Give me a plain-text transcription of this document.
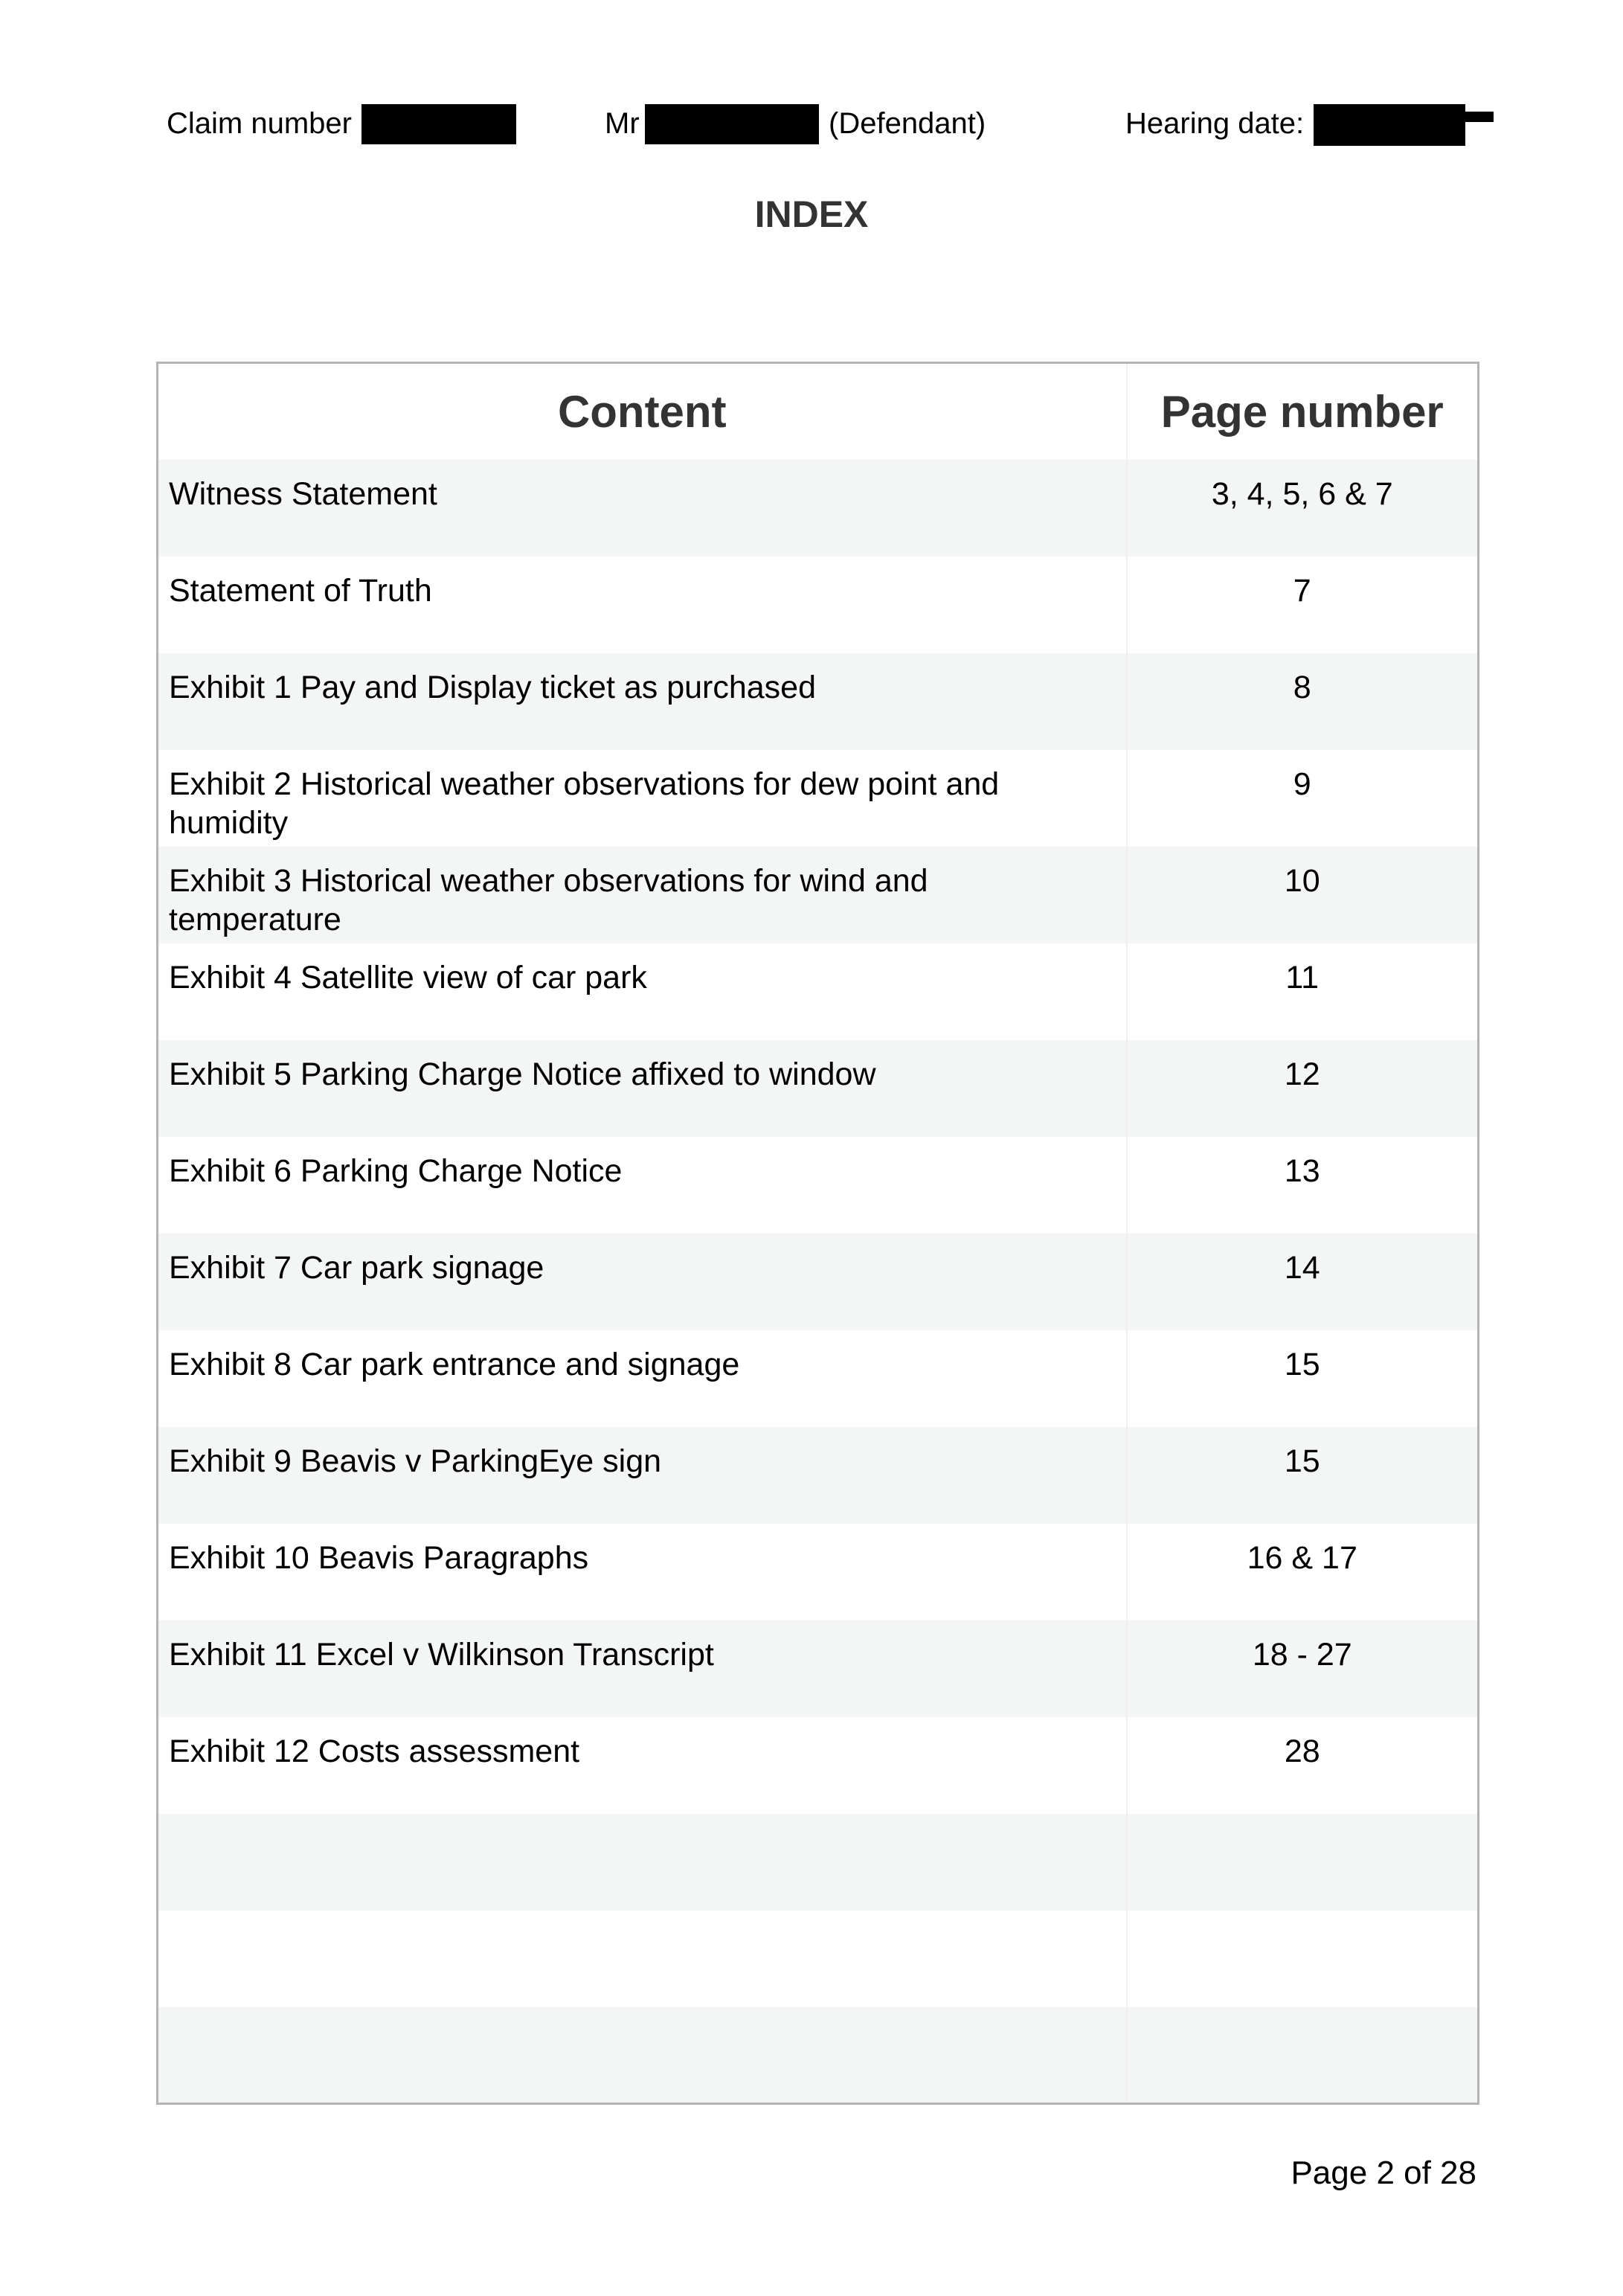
Claim number	Mr	(Defendant)	Hearing date:
INDEX
Content	Page number
Witness Statement	3, 4, 5, 6 & 7
Statement of Truth	7
Exhibit 1 Pay and Display ticket as purchased	8
Exhibit 2 Historical weather observations for dew point and humidity	9
Exhibit 3 Historical weather observations for wind and temperature	10
Exhibit 4 Satellite view of car park	11
Exhibit 5 Parking Charge Notice affixed to window	12
Exhibit 6 Parking Charge Notice	13
Exhibit 7 Car park signage	14
Exhibit 8 Car park entrance and signage	15
Exhibit 9 Beavis v ParkingEye sign	15
Exhibit 10 Beavis Paragraphs	16 & 17
Exhibit 11 Excel v Wilkinson Transcript	18 - 27
Exhibit 12 Costs assessment	28

Page 2 of 28
